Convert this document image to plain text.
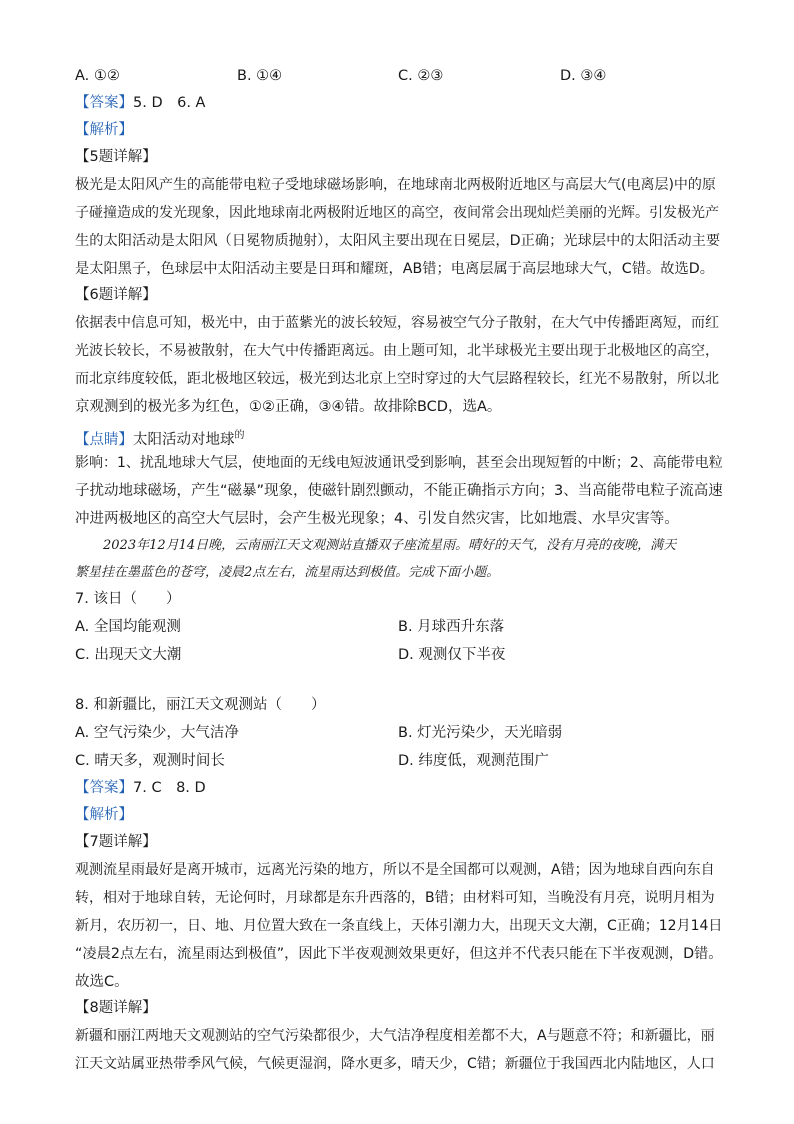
A. ①②	B. ①④	C. ②③	D. ③④
【答案】5. D　6. A
【解析】
【5题详解】
极光是太阳风产生的高能带电粒子受地球磁场影响，在地球南北两极附近地区与高层大气(电离层)中的原
子碰撞造成的发光现象，因此地球南北两极附近地区的高空，夜间常会出现灿烂美丽的光辉。引发极光产
生的太阳活动是太阳风（日冕物质抛射），太阳风主要出现在日冕层，D正确；光球层中的太阳活动主要
是太阳黑子，色球层中太阳活动主要是日珥和耀斑，AB错；电离层属于高层地球大气，C错。故选D。
【6题详解】
依据表中信息可知，极光中，由于蓝紫光的波长较短，容易被空气分子散射，在大气中传播距离短，而红
光波长较长，不易被散射，在大气中传播距离远。由上题可知，北半球极光主要出现于北极地区的高空，
而北京纬度较低，距北极地区较远，极光到达北京上空时穿过的大气层路程较长，红光不易散射，所以北
京观测到的极光多为红色，①②正确，③④错。故排除BCD，选A。
【点睛】太阳活动对地球$^的$
影响：1、扰乱地球大气层，使地面的无线电短波通讯受到影响，甚至会出现短暂的中断；2、高能带电粒
子扰动地球磁场，产生“磁暴”现象，使磁针剧烈颤动，不能正确指示方向；3、当高能带电粒子流高速
冲进两极地区的高空大气层时，会产生极光现象；4、引发自然灾害，比如地震、水旱灾害等。
2023年12月14日晚，云南丽江天文观测站直播双子座流星雨。晴好的天气，没有月亮的夜晚，满天
繁星挂在墨蓝色的苍穹，凌晨2点左右，流星雨达到极值。完成下面小题。
7. 该日（　　）
A. 全国均能观测	B. 月球西升东落
C. 出现天文大潮	D. 观测仅下半夜
8. 和新疆比，丽江天文观测站（　　）
A. 空气污染少，大气洁净	B. 灯光污染少，天光暗弱
C. 晴天多，观测时间长	D. 纬度低，观测范围广
【答案】7. C　8. D
【解析】
【7题详解】
观测流星雨最好是离开城市，远离光污染的地方，所以不是全国都可以观测，A错；因为地球自西向东自
转，相对于地球自转，无论何时，月球都是东升西落的，B错；由材料可知，当晚没有月亮，说明月相为
新月，农历初一，日、地、月位置大致在一条直线上，天体引潮力大，出现天文大潮，C正确；12月14日
“凌晨2点左右，流星雨达到极值”，因此下半夜观测效果更好，但这并不代表只能在下半夜观测，D错。
故选C。
【8题详解】
新疆和丽江两地天文观测站的空气污染都很少，大气洁净程度相差都不大，A与题意不符；和新疆比，丽
江天文站属亚热带季风气候，气候更湿润，降水更多，晴天少，C错；新疆位于我国西北内陆地区，人口
